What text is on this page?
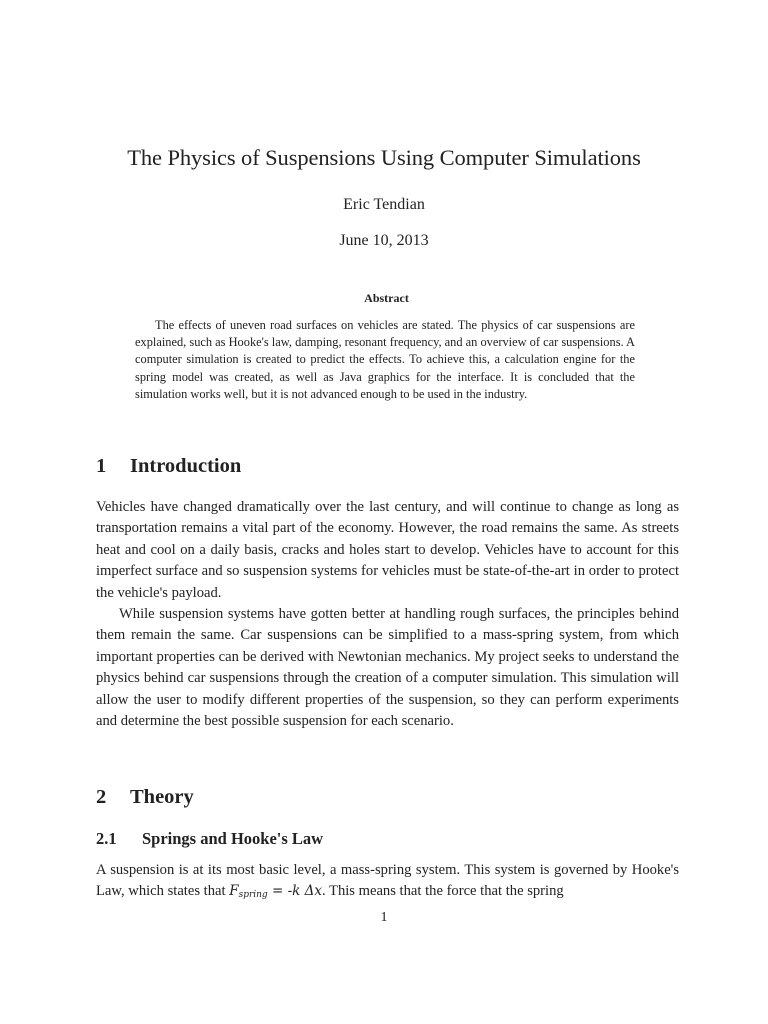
The Physics of Suspensions Using Computer Simulations
Eric Tendian
June 10, 2013
Abstract
The effects of uneven road surfaces on vehicles are stated. The physics of car suspensions are explained, such as Hooke's law, damping, resonant frequency, and an overview of car suspensions. A computer simulation is created to predict the effects. To achieve this, a calculation engine for the spring model was created, as well as Java graphics for the interface. It is concluded that the simulation works well, but it is not advanced enough to be used in the industry.
1 Introduction

Vehicles have changed dramatically over the last century, and will continue to change as long as transportation remains a vital part of the economy. However, the road remains the same. As streets heat and cool on a daily basis, cracks and holes start to develop. Vehicles have to account for this imperfect surface and so suspension systems for vehicles must be state-of-the-art in order to protect the vehicle's payload.

While suspension systems have gotten better at handling rough surfaces, the principles behind them remain the same. Car suspensions can be simplified to a mass-spring system, from which important properties can be derived with Newtonian mechanics. My project seeks to understand the physics behind car suspensions through the creation of a computer simulation. This simulation will allow the user to modify different properties of the suspension, so they can perform experiments and determine the best possible suspension for each scenario.

2 Theory
2.1 Springs and Hooke's Law

A suspension is at its most basic level, a mass-spring system. This system is governed by Hooke's Law, which states that $F_{spring} = -k$ Δx. This means that the force that the spring

1
